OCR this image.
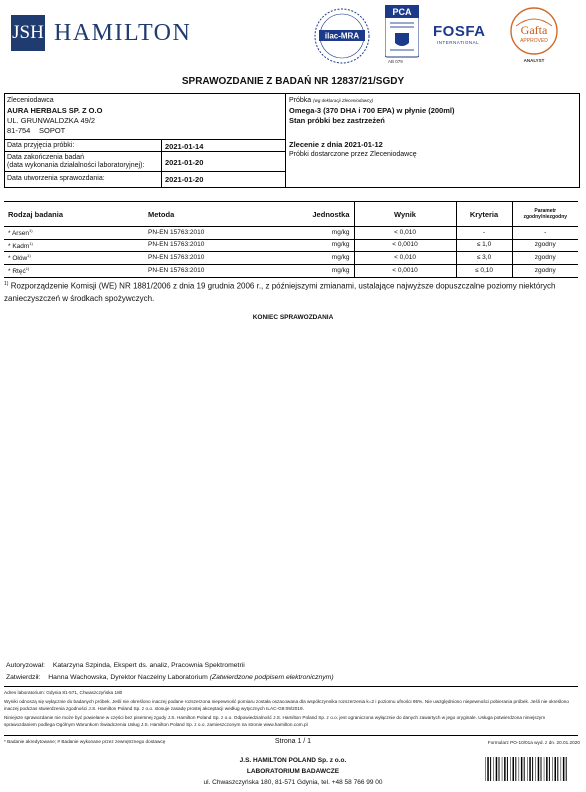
JSH HAMILTON	ilac-MRA
PCA
AB 079
FOSFA
INTERNATIONAL
Gafta
APPROVED
ANALYST
SPRAWOZDANIE Z BADAŃ NR 12837/21/SGDY
Zleceniodawca
AURA HERBALS SP. Z O.O
UL. GRUNWALDZKA 49/2
81-754 SOPOT
Data przyjęcia próbki:	2021-01-14
Data zakończenia badań
(data wykonania działalności laboratoryjnej):	2021-01-20
Data utworzenia sprawozdania:	2021-01-20
Próbka (wg deklaracji Zleceniodawcy)
Omega-3 (370 DHA i 700 EPA) w płynie (200ml)
Stan próbki bez zastrzeżeń
Zlecenie z dnia 2021-01-12
Próbki dostarczone przez Zleceniodawcę
Rodzaj badania	Metoda	Jednostka	Wynik	Kryteria	Parametr zgodny/niezgodny
* Arsen$^{1)}$	PN-EN 15763:2010	mg/kg	< 0,010	-	-
* Kadm$^{1)}$	PN-EN 15763:2010	mg/kg	< 0,0010	≤ 1,0	zgodny
* Ołów$^{1)}$	PN-EN 15763:2010	mg/kg	< 0,010	≤ 3,0	zgodny
* Rtęć$^{1)}$	PN-EN 15763:2010	mg/kg	< 0,0010	≤ 0,10	zgodny
$^{1)}$ Rozporządzenie Komisji (WE) NR 1881/2006 z dnia 19 grudnia 2006 r., z późniejszymi zmianami, ustalające najwyższe dopuszczalne poziomy niektórych zanieczyszczeń w środkach spożywczych.
KONIEC SPRAWOZDANIA
Autoryzował: Katarzyna Szpinda, Ekspert ds. analiz, Pracownia Spektrometrii
Zatwierdził: Hanna Wachowska, Dyrektor Naczelny Laboratorium (Zatwierdzone podpisem elektronicznym)
Adres laboratorium: Gdynia 81-571, Chwaszczyńska 180
Wyniki odnoszą się wyłącznie do badanych próbek. Jeśli nie określono inaczej podane rozszerzona niepewność pomiaru została oszacowana dla współczynnika rozszerzenia k=2 i poziomu ufności 95%. Nie uwzględniono niepewności pobierania próbek. Jeśli nie określono inaczej podczas stwierdzenia zgodności J.S. Hamilton Poland Sp. z o.o. stosuje zasadę prostej akceptacji według wytycznych ILAC-G8:09/2019.
Niniejsze sprawozdanie nie może być powielane w części bez pisemnej zgody J.S. Hamilton Poland Sp. z o.o. Odpowiedzialność J.S. Hamilton Poland Sp. z o.o. jest ograniczona wyłącznie do danych zawartych w jego oryginale. Usługa potwierdzona niniejszym sprawozdaniem podlega Ogólnym Warunkom Świadczenia Usług J.S. Hamilton Poland Sp. z o.o. zamieszczonym na stronie www.hamilton.com.pl
* Badanie akredytowane; # Badanie wykonane przez zewnętrznego dostawcę	Strona 1 / 1	Formularz PO-10/01a wyd. z dn. 20.01.2020
J.S. HAMILTON POLAND Sp. z o.o.
LABORATORIUM BADAWCZE
ul. Chwaszczyńska 180, 81-571 Gdynia, tel. +48 58 766 99 00
